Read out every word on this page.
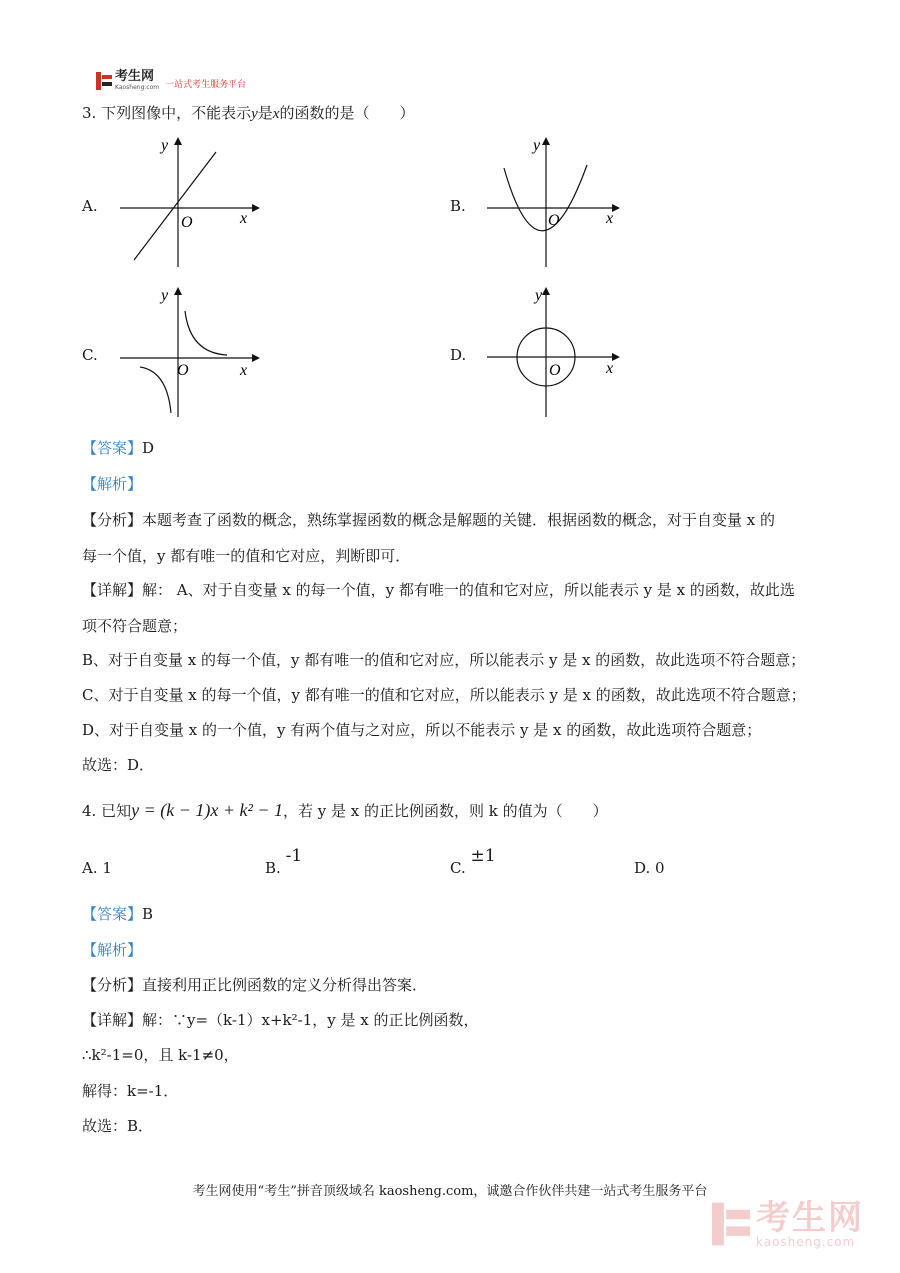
考生网
Kaosheng.com 一站式考生服务平台
3. 下列图像中，不能表示y是x的函数的是（　　）
A.
y
x
O
B.
y
x
O
C.
y
x
O
D.
y
x
O
【答案】D
【解析】
【分析】本题考查了函数的概念，熟练掌握函数的概念是解题的关键．根据函数的概念，对于自变量 x 的
每一个值，y 都有唯一的值和它对应，判断即可．
【详解】解： A、对于自变量 x 的每一个值，y 都有唯一的值和它对应，所以能表示 y 是 x 的函数，故此选
项不符合题意；
B、对于自变量 x 的每一个值，y 都有唯一的值和它对应，所以能表示 y 是 x 的函数，故此选项不符合题意；
C、对于自变量 x 的每一个值，y 都有唯一的值和它对应，所以能表示 y 是 x 的函数，故此选项不符合题意；
D、对于自变量 x 的一个值，y 有两个值与之对应，所以不能表示 y 是 x 的函数，故此选项符合题意；
故选：D．
4. 已知y = (k − 1)x + k² − 1，若 y 是 x 的正比例函数，则 k 的值为（　　）
A. 1	B. -1
C. ±1
D. 0
【答案】B
【解析】
【分析】直接利用正比例函数的定义分析得出答案．
【详解】解：∵y=（k-1）x+k²-1，y 是 x 的正比例函数，
∴k²-1=0，且 k-1≠0，
解得：k=-1．
故选：B．
考生网使用“考生”拼音顶级域名 kaosheng.com，诚邀合作伙伴共建一站式考生服务平台
考生网
kaosheng.com
